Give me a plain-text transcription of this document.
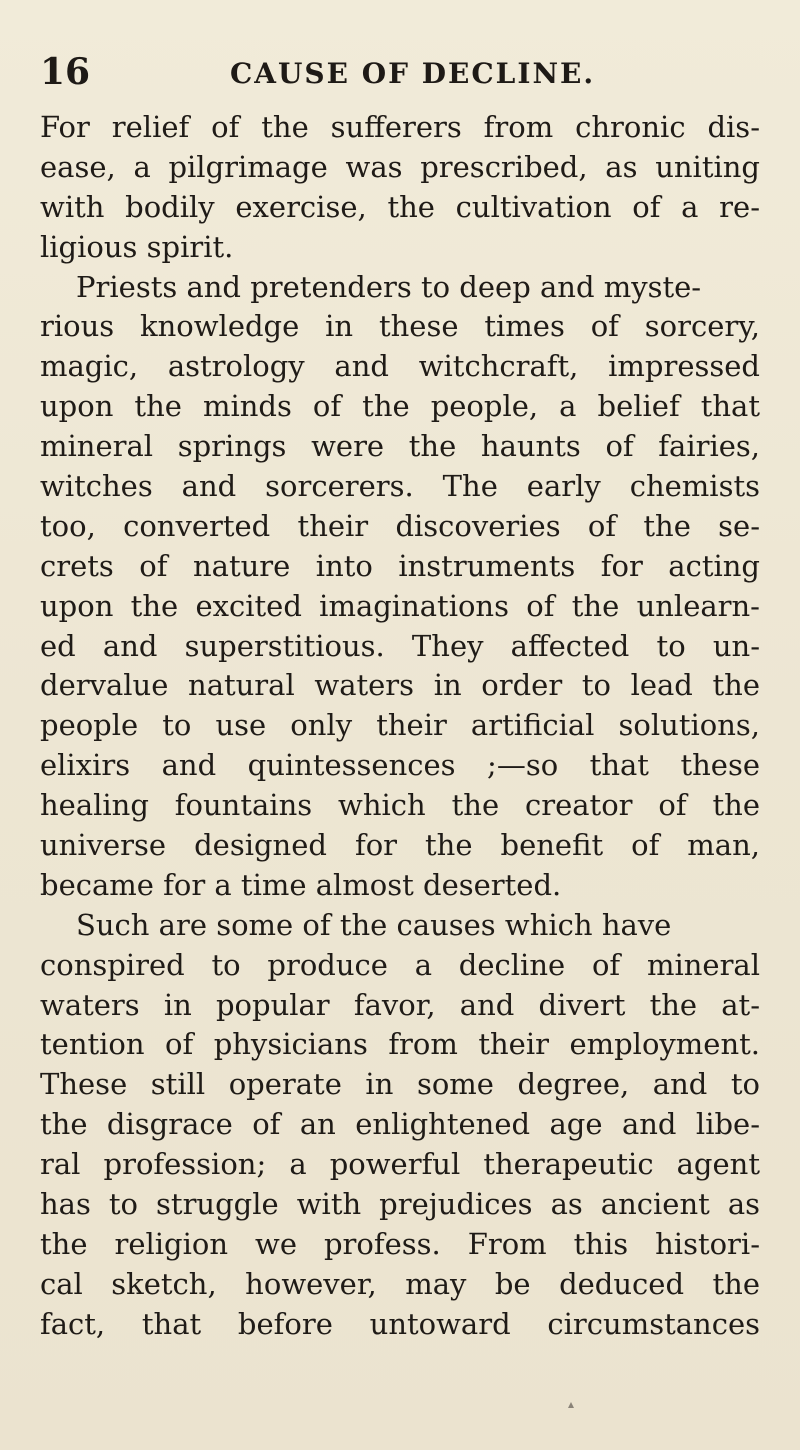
16	CAUSE OF DECLINE.
For relief of the sufferers from chronic dis-
ease, a pilgrimage was prescribed, as uniting
with bodily exercise, the cultivation of a re-
ligious spirit.
Priests and pretenders to deep and myste-
rious knowledge in these times of sorcery,
magic, astrology and witchcraft, impressed
upon the minds of the people, a belief that
mineral springs were the haunts of fairies,
witches and sorcerers. The early chemists
too, converted their discoveries of the se-
crets of nature into instruments for acting
upon the excited imaginations of the unlearn-
ed and superstitious. They affected to un-
dervalue natural waters in order to lead the
people to use only their artificial solutions,
elixirs and quintessences ;—so that these
healing fountains which the creator of the
universe designed for the benefit of man,
became for a time almost deserted.
Such are some of the causes which have
conspired to produce a decline of mineral
waters in popular favor, and divert the at-
tention of physicians from their employment.
These still operate in some degree, and to
the disgrace of an enlightened age and libe-
ral profession; a powerful therapeutic agent
has to struggle with prejudices as ancient as
the religion we profess. From this histori-
cal sketch, however, may be deduced the
fact, that before untoward circumstances
